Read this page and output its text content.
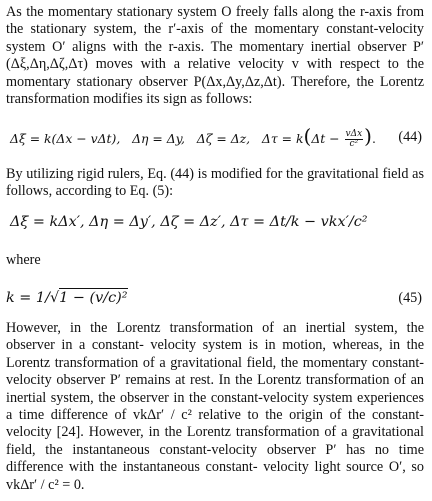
As the momentary stationary system O freely falls along the r-axis from the stationary system, the r′-axis of the momentary constant-velocity system O′ aligns with the r-axis. The momentary inertial observer P′ (Δξ,Δη,Δζ,Δτ) moves with a relative velocity v with respect to the momentary stationary observer P(Δx,Δy,Δz,Δt). Therefore, the Lorentz transformation modifies its sign as follows:

Δξ = k(Δx − vΔt),   Δη = Δy,   Δζ = Δz,   Δτ = k(Δt − vΔx
c² ).	(44)

By utilizing rigid rulers, Eq. (44) is modified for the gravitational field as follows, according to Eq. (5):

Δξ = kΔx′, Δη = Δy′, Δζ = Δz′, Δτ = Δt/k − vkx′/c²

where

k = 1/√1 − (v/c)²	(45)

However, in the Lorentz transformation of an inertial system, the observer in a constant- velocity system is in motion, whereas, in the Lorentz transformation of a gravitational field, the momentary constant- velocity observer P′ remains at rest. In the Lorentz transformation of an inertial system, the observer in the constant-velocity system experiences a time difference of vkΔr′ / c² relative to the origin of the constant- velocity [24]. However, in the Lorentz transformation of a gravitational field, the instantaneous constant-velocity observer P′ has no time difference with the instantaneous constant- velocity light source O′, so vkΔr′ / c² = 0.
